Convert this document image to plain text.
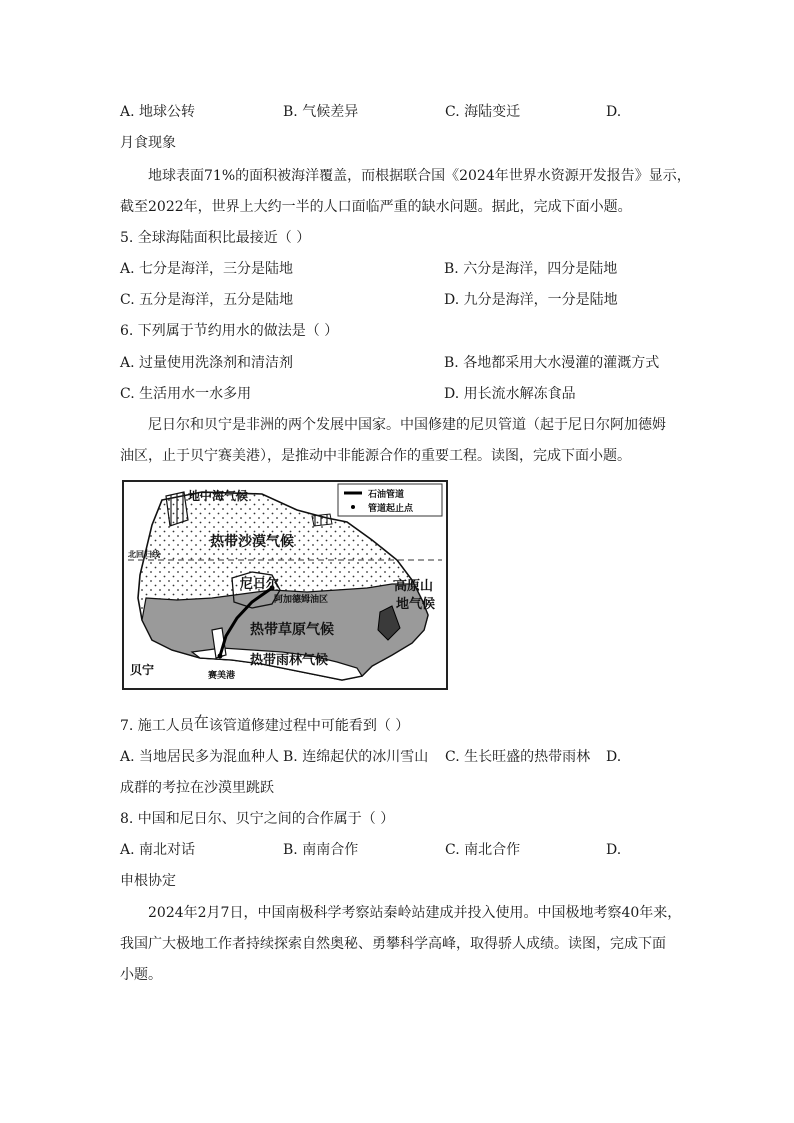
A. 地球公转	B. 气候差异	C. 海陆变迁	D.
月食现象
地球表面71%的面积被海洋覆盖，而根据联合国《2024年世界水资源开发报告》显示，
截至2022年，世界上大约一半的人口面临严重的缺水问题。据此，完成下面小题。
5. 全球海陆面积比最接近（ ）
A. 七分是海洋，三分是陆地	B. 六分是海洋，四分是陆地
C. 五分是海洋，五分是陆地	D. 九分是海洋，一分是陆地
6. 下列属于节约用水的做法是（ ）
A. 过量使用洗涤剂和清洁剂	B. 各地都采用大水漫灌的灌溉方式
C. 生活用水一水多用	D. 用长流水解冻食品
尼日尔和贝宁是非洲的两个发展中国家。中国修建的尼贝管道（起于尼日尔阿加德姆
油区，止于贝宁赛美港），是推动中非能源合作的重要工程。读图，完成下面小题。
石油管道
管道起止点
地中海气候
热带沙漠气候
北回归线
尼日尔
阿加德姆油区
高原山
地气候
热带草原气候
热带雨林气候
贝宁	赛美港
7. 施工人员在该管道修建过程中可能看到（ ）
A. 当地居民多为混血种人 B. 连绵起伏的冰川雪山 C. 生长旺盛的热带雨林 D.
成群的考拉在沙漠里跳跃
8. 中国和尼日尔、贝宁之间的合作属于（ ）
A. 南北对话	B. 南南合作	C. 南北合作	D.
申根协定
2024年2月7日，中国南极科学考察站秦岭站建成并投入使用。中国极地考察40年来，
我国广大极地工作者持续探索自然奥秘、勇攀科学高峰，取得骄人成绩。读图，完成下面
小题。
